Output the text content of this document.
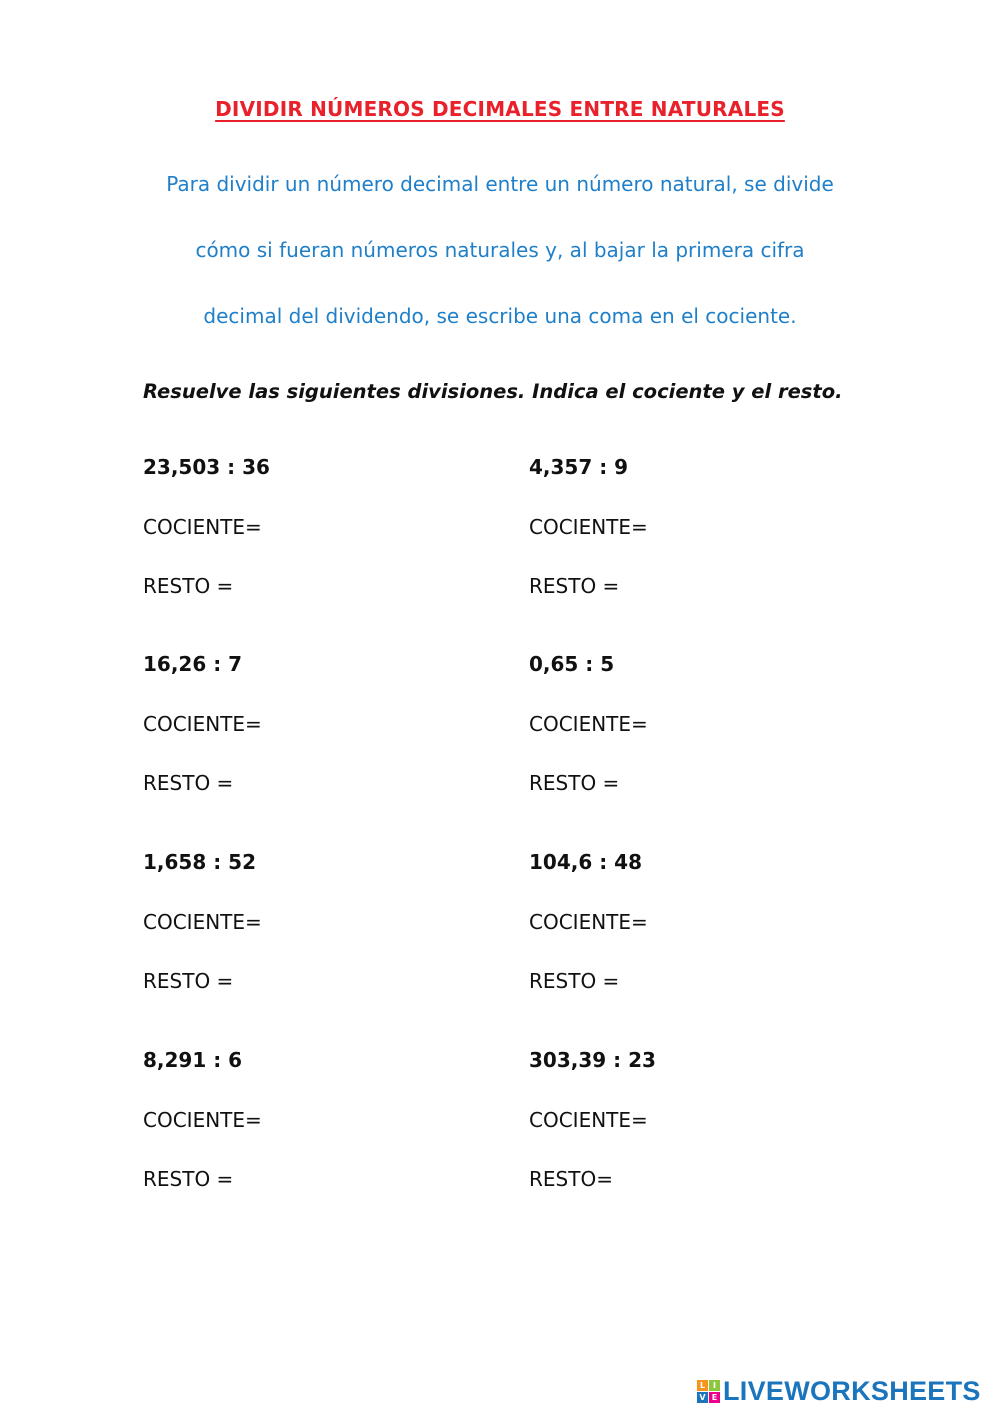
DIVIDIR NÚMEROS DECIMALES ENTRE NATURALES
Para dividir un número decimal entre un número natural, se divide
cómo si fueran números naturales y, al bajar la primera cifra
decimal del dividendo, se escribe una coma en el cociente.
Resuelve las siguientes divisiones. Indica el cociente y el resto.
23,503 : 36
COCIENTE=
RESTO =
4,357 : 9
COCIENTE=
RESTO =
16,26 : 7
COCIENTE=
RESTO =
0,65 : 5
COCIENTE=
RESTO =
1,658 : 52
COCIENTE=
RESTO =
104,6 : 48
COCIENTE=
RESTO =
8,291 : 6
COCIENTE=
RESTO =
303,39 : 23
COCIENTE=
RESTO=
L I
V E LIVEWORKSHEETS
